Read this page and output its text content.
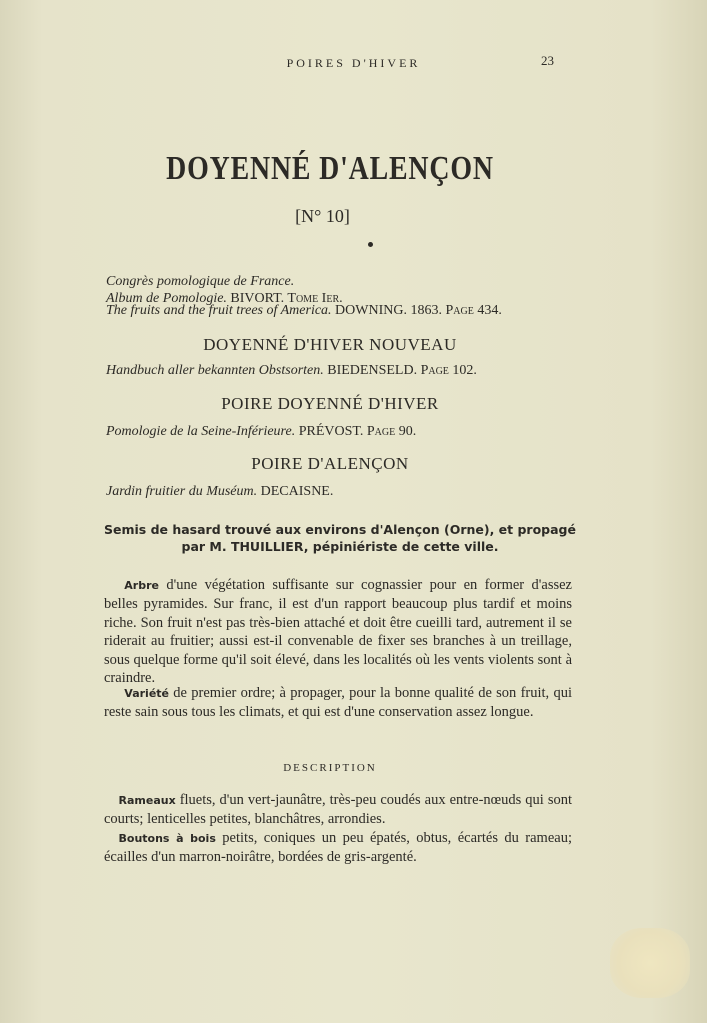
POIRES D'HIVER	23
DOYENNÉ D'ALENÇON
[N° 10]
Congrès pomologique de France.
Album de Pomologie. BIVORT. Tome Ier.
The fruits and the fruit trees of America. DOWNING. 1863. Page 434.
DOYENNÉ D'HIVER NOUVEAU
Handbuch aller bekannten Obstsorten. BIEDENSELD. Page 102.
POIRE DOYENNÉ D'HIVER
Pomologie de la Seine-Inférieure. PRÉVOST. Page 90.
POIRE D'ALENÇON
Jardin fruitier du Muséum. DECAISNE.
Semis de hasard trouvé aux environs d'Alençon (Orne), et propagé
par M. THUILLIER, pépiniériste de cette ville.
Arbre d'une végétation suffisante sur cognassier pour en former d'assez belles pyramides. Sur franc, il est d'un rapport beaucoup plus tardif et moins riche. Son fruit n'est pas très-bien attaché et doit être cueilli tard, autrement il se riderait au fruitier; aussi est-il convenable de fixer ses branches à un treillage, sous quelque forme qu'il soit élevé, dans les localités où les vents violents sont à craindre.
Variété de premier ordre; à propager, pour la bonne qualité de son fruit, qui reste sain sous tous les climats, et qui est d'une conservation assez longue.
DESCRIPTION
Rameaux fluets, d'un vert-jaunâtre, très-peu coudés aux entre-nœuds qui sont courts; lenticelles petites, blanchâtres, arrondies.
Boutons à bois petits, coniques un peu épatés, obtus, écartés du rameau; écailles d'un marron-noirâtre, bordées de gris-argenté.
